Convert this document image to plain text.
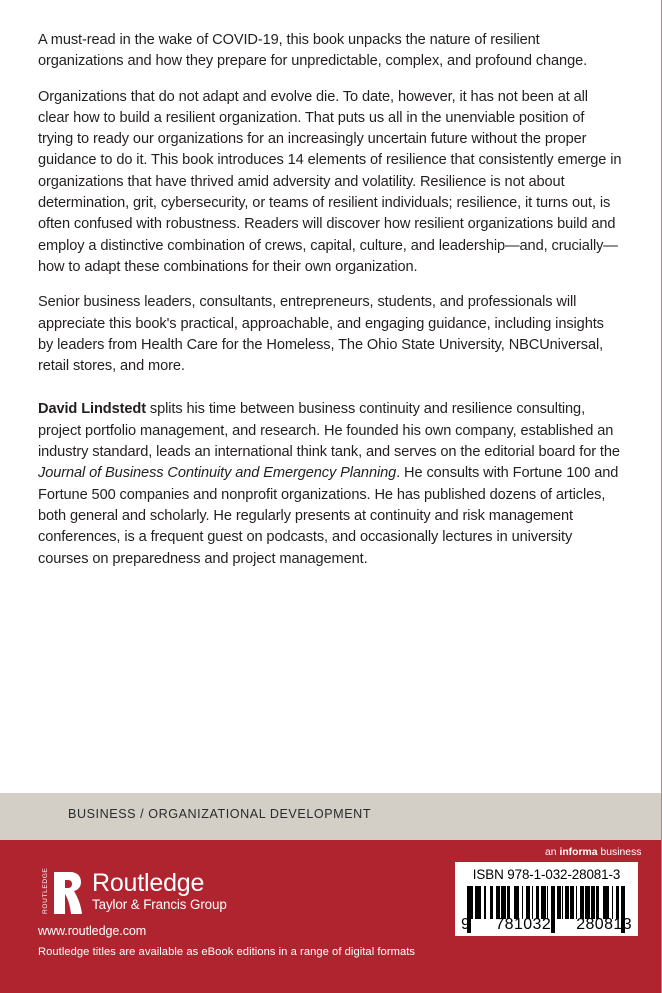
A must-read in the wake of COVID-19, this book unpacks the nature of resilient organizations and how they prepare for unpredictable, complex, and profound change.

Organizations that do not adapt and evolve die. To date, however, it has not been at all clear how to build a resilient organization. That puts us all in the unenviable position of trying to ready our organizations for an increasingly uncertain future without the proper guidance to do it. This book introduces 14 elements of resilience that consistently emerge in organizations that have thrived amid adversity and volatility. Resilience is not about determination, grit, cybersecurity, or teams of resilient individuals; resilience, it turns out, is often confused with robustness. Readers will discover how resilient organizations build and employ a distinctive combination of crews, capital, culture, and leadership—and, crucially—how to adapt these combinations for their own organization.

Senior business leaders, consultants, entrepreneurs, students, and professionals will appreciate this book's practical, approachable, and engaging guidance, including insights by leaders from Health Care for the Homeless, The Ohio State University, NBCUniversal, retail stores, and more.

David Lindstedt splits his time between business continuity and resilience consulting, project portfolio management, and research. He founded his own company, established an industry standard, leads an international think tank, and serves on the editorial board for the Journal of Business Continuity and Emergency Planning. He consults with Fortune 100 and Fortune 500 companies and nonprofit organizations. He has published dozens of articles, both general and scholarly. He regularly presents at continuity and risk management conferences, is a frequent guest on podcasts, and occasionally lectures in university courses on preparedness and project management.

BUSINESS / ORGANIZATIONAL DEVELOPMENT
ROUTLEDGE Routledge
Taylor & Francis Group
www.routledge.com
Routledge titles are available as eBook editions in a range of digital formats
an informa business
ISBN 978-1-032-28081-3
9 781032 280813
